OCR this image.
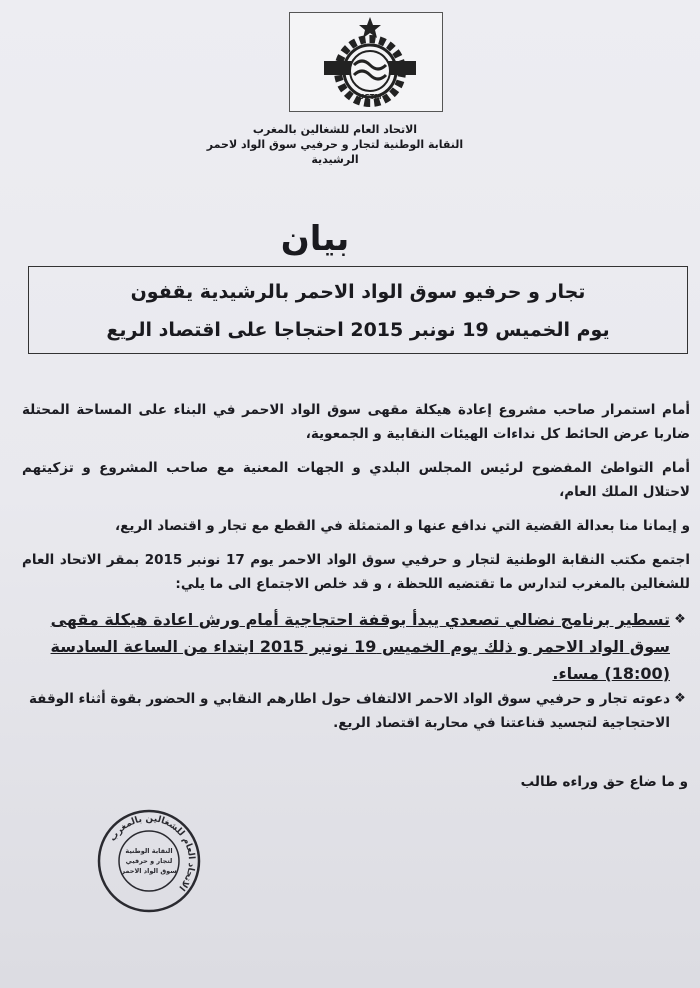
UGTM
الاتحاد العام للشغالين بالمغرب
النقابة الوطنية لتجار و حرفيي سوق الواد لاحمر
الرشيدية
بيان
تجار و حرفيو سوق الواد الاحمر بالرشيدية يقفون
يوم الخميس 19 نونبر 2015 احتجاجا على اقتصاد الريع

أمام استمرار صاحب مشروع إعادة هيكلة مقهى سوق الواد الاحمر في البناء على المساحة المحتلة ضاربا عرض الحائط كل نداءات الهيئات النقابية و الجمعوية،

أمام التواطئ المفضوح لرئيس المجلس البلدي و الجهات المعنية مع صاحب المشروع و تزكيتهم لاحتلال الملك العام،

و إيمانا منا بعدالة القضية التي ندافع عنها و المتمثلة في القطع مع تجار و اقتصاد الريع،

اجتمع مكتب النقابة الوطنية لتجار و حرفيي سوق الواد الاحمر يوم 17 نونبر 2015 بمقر الاتحاد العام للشغالين بالمغرب لتدارس ما تقتضيه اللحظة ، و قد خلص الاجتماع الى ما يلي:

❖
تسطير برنامج نضالي تصعدي يبدأ بوقفة احتجاجية أمام ورش اعادة هيكلة مقهى سوق الواد الاحمر و ذلك يوم الخميس 19 نونبر 2015 ابتداء من الساعة السادسة (18:00) مساء.
❖
دعوته تجار و حرفيي سوق الواد الاحمر الالتفاف حول اطارهم النقابي و الحضور بقوة أثناء الوقفة الاحتجاجية لتجسيد قناعتنا في محاربة اقتصاد الريع.
و ما ضاع حق وراءه طالب
الاتحاد العام للشغالين بالمغرب
النقابة الوطنية
لتجار و حرفيي
سوق الواد الاحمر
